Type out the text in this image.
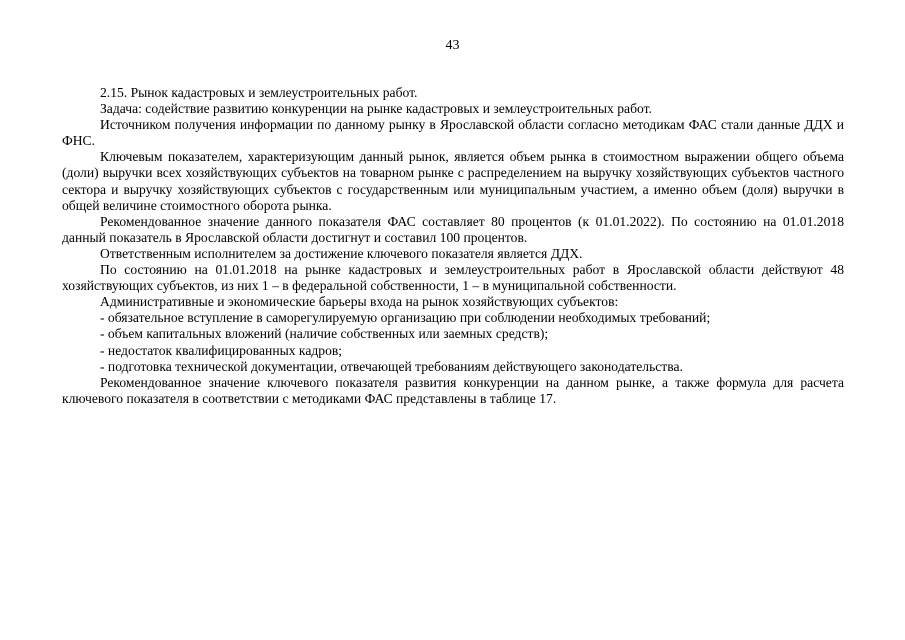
43

2.15. Рынок кадастровых и землеустроительных работ.

Задача: содействие развитию конкуренции на рынке кадастровых и землеустроительных работ.

Источником получения информации по данному рынку в Ярославской области согласно методикам ФАС стали данные ДДХ и ФНС.

Ключевым показателем, характеризующим данный рынок, является объем рынка в стоимостном выражении общего объема (доли) выручки всех хозяйствующих субъектов на товарном рынке с распределением на выручку хозяйствующих субъектов частного сектора и выручку хозяйствующих субъектов с государственным или муниципальным участием, а именно объем (доля) выручки в общей величине стоимостного оборота рынка.

Рекомендованное значение данного показателя ФАС составляет 80 процентов (к 01.01.2022). По состоянию на 01.01.2018 данный показатель в Ярославской области достигнут и составил 100 процентов.

Ответственным исполнителем за достижение ключевого показателя является ДДХ.

По состоянию на 01.01.2018 на рынке кадастровых и землеустроительных работ в Ярославской области действуют 48 хозяйствующих субъектов, из них 1 – в федеральной собственности, 1 – в муниципальной собственности.

Административные и экономические барьеры входа на рынок хозяйствующих субъектов:

- обязательное вступление в саморегулируемую организацию при соблюдении необходимых требований;

- объем капитальных вложений (наличие собственных или заемных средств);

- недостаток квалифицированных кадров;

- подготовка технической документации, отвечающей требованиям действующего законодательства.

Рекомендованное значение ключевого показателя развития конкуренции на данном рынке, а также формула для расчета ключевого показателя в соответствии с методиками ФАС представлены в таблице 17.
